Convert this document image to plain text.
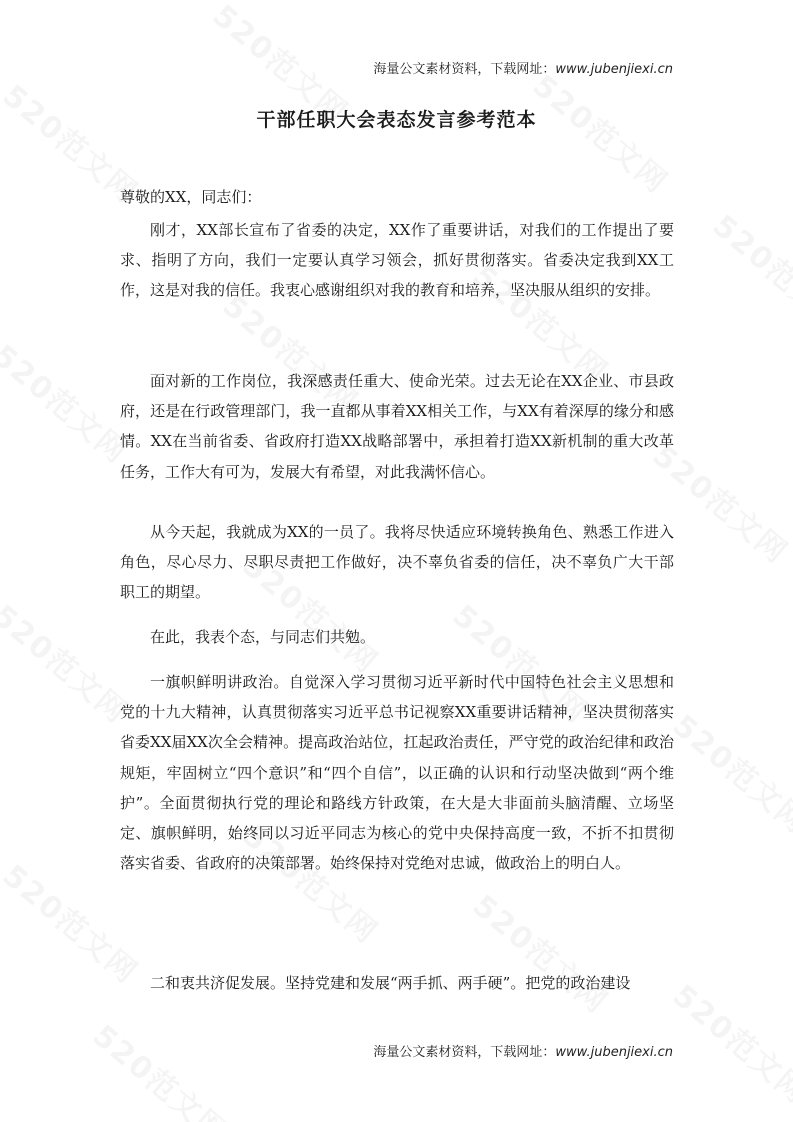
海量公文素材资料，下载网址：www.jubenjiexi.cn
干部任职大会表态发言参考范本
尊敬的XX，同志们：

刚才，XX部长宣布了省委的决定，XX作了重要讲话，对我们的工作提出了要求、指明了方向，我们一定要认真学习领会，抓好贯彻落实。省委决定我到XX工作，这是对我的信任。我衷心感谢组织对我的教育和培养，坚决服从组织的安排。

面对新的工作岗位，我深感责任重大、使命光荣。过去无论在XX企业、市县政府，还是在行政管理部门，我一直都从事着XX相关工作，与XX有着深厚的缘分和感情。XX在当前省委、省政府打造XX战略部署中，承担着打造XX新机制的重大改革任务，工作大有可为，发展大有希望，对此我满怀信心。

从今天起，我就成为XX的一员了。我将尽快适应环境转换角色、熟悉工作进入角色，尽心尽力、尽职尽责把工作做好，决不辜负省委的信任，决不辜负广大干部职工的期望。

在此，我表个态，与同志们共勉。

一旗帜鲜明讲政治。自觉深入学习贯彻习近平新时代中国特色社会主义思想和党的十九大精神，认真贯彻落实习近平总书记视察XX重要讲话精神，坚决贯彻落实省委XX届XX次全会精神。提高政治站位，扛起政治责任，严守党的政治纪律和政治规矩，牢固树立“四个意识”和“四个自信”，以正确的认识和行动坚决做到“两个维护”。全面贯彻执行党的理论和路线方针政策，在大是大非面前头脑清醒、立场坚定、旗帜鲜明，始终同以习近平同志为核心的党中央保持高度一致，不折不扣贯彻落实省委、省政府的决策部署。始终保持对党绝对忠诚，做政治上的明白人。

二和衷共济促发展。坚持党建和发展“两手抓、两手硬”。把党的政治建设

海量公文素材资料，下载网址：www.jubenjiexi.cn
